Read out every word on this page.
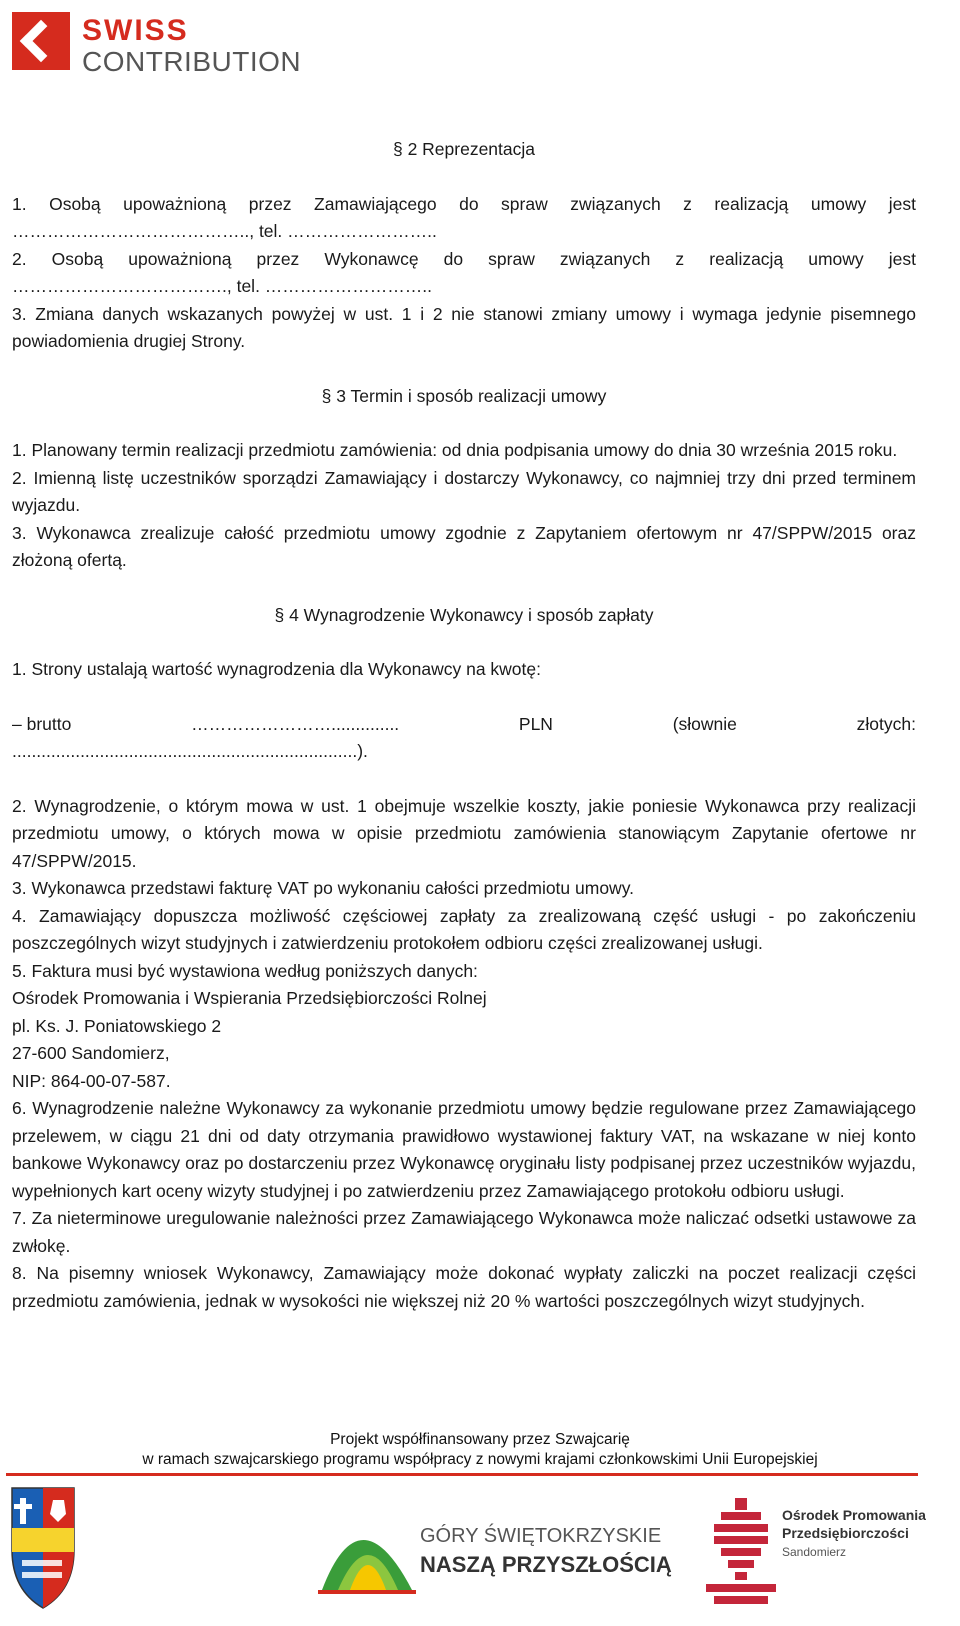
SWISS
CONTRIBUTION

§ 2 Reprezentacja

1. Osobą upoważnioną przez Zamawiającego do spraw związanych z realizacją umowy jest ………………………………….., tel. ……………………..

2. Osobą upoważnioną przez Wykonawcę do spraw związanych z realizacją umowy jest ………………………………., tel. ………………………..

3. Zmiana danych wskazanych powyżej w ust. 1 i 2 nie stanowi zmiany umowy i wymaga jedynie pisemnego powiadomienia drugiej Strony.

§ 3 Termin i sposób realizacji umowy

1. Planowany termin realizacji przedmiotu zamówienia: od dnia podpisania umowy do dnia 30 września 2015 roku.

2. Imienną listę uczestników sporządzi Zamawiający i dostarczy Wykonawcy, co najmniej trzy dni przed terminem wyjazdu.

3. Wykonawca zrealizuje całość przedmiotu umowy zgodnie z Zapytaniem ofertowym nr 47/SPPW/2015 oraz złożoną ofertą.

§ 4 Wynagrodzenie Wykonawcy i sposób zapłaty

1. Strony ustalają wartość wynagrodzenia dla Wykonawcy na kwotę:

– brutto	……………………..............	PLN	(słownie	złotych:

.......................................................................).

2. Wynagrodzenie, o którym mowa w ust. 1 obejmuje wszelkie koszty, jakie poniesie Wykonawca przy realizacji przedmiotu umowy, o których mowa w opisie przedmiotu zamówienia stanowiącym Zapytanie ofertowe nr 47/SPPW/2015.

3. Wykonawca przedstawi fakturę VAT po wykonaniu całości przedmiotu umowy.

4. Zamawiający dopuszcza możliwość częściowej zapłaty za zrealizowaną część usługi - po zakończeniu poszczególnych wizyt studyjnych i zatwierdzeniu protokołem odbioru części zrealizowanej usługi.

5. Faktura musi być wystawiona według poniższych danych:

Ośrodek Promowania i Wspierania Przedsiębiorczości Rolnej

pl. Ks. J. Poniatowskiego 2

27-600 Sandomierz,

NIP: 864-00-07-587.

6. Wynagrodzenie należne Wykonawcy za wykonanie przedmiotu umowy będzie regulowane przez Zamawiającego przelewem, w ciągu 21 dni od daty otrzymania prawidłowo wystawionej faktury VAT, na wskazane w niej konto bankowe Wykonawcy oraz po dostarczeniu przez Wykonawcę oryginału listy podpisanej przez uczestników wyjazdu, wypełnionych kart oceny wizyty studyjnej i po zatwierdzeniu przez Zamawiającego protokołu odbioru usługi.

7. Za nieterminowe uregulowanie należności przez Zamawiającego Wykonawca może naliczać odsetki ustawowe za zwłokę.

8. Na pisemny wniosek Wykonawcy, Zamawiający może dokonać wypłaty zaliczki na poczet realizacji części przedmiotu zamówienia, jednak w wysokości nie większej niż 20 % wartości poszczególnych wizyt studyjnych.

Projekt współfinansowany przez Szwajcarię
w ramach szwajcarskiego programu współpracy z nowymi krajami członkowskimi Unii Europejskiej
GÓRY ŚWIĘTOKRZYSKIE
NASZĄ PRZYSZŁOŚCIĄ
Ośrodek Promowania
Przedsiębiorczości
Sandomierz
